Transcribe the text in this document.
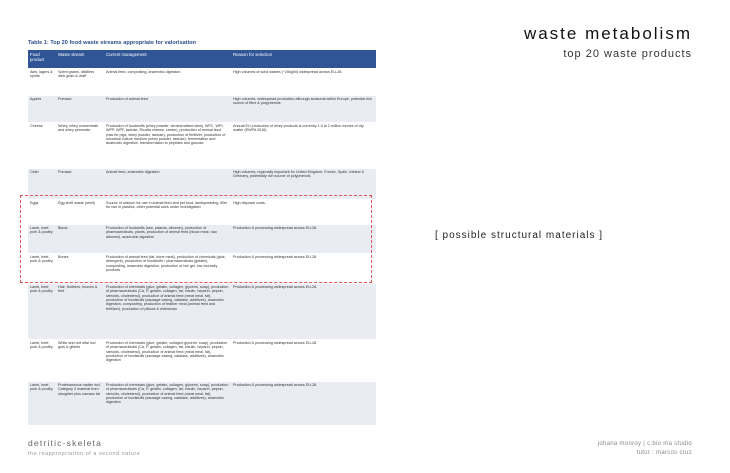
Table 1: Top 20 food waste streams appropriate for valorisation
Food product	Waste stream	Current management	Reason for selection
Ales, lagers & spirits	Spent grains, distillers dark grain & draff	Animal feed, composting, anaerobic digestion	High volumes of solid wastes (~20kg/hl) widespread across EU-28.
Apples	Pomace	Production of animal feed	High volumes, widespread production although seasonal within Europe, potential rich source of fibre & polyphenols
Cheese	Whey, whey concentrate and whey permeate	Production of foodstuffs (whey powder, demineralised whey, WPC, WPI, WPP, WPF, lactose, Ricotta cheese, cream), production of animal feed (raw for pigs, whey powder, lactose), production of fertilizer, production of microbial culture medium (whey powder, lactose), fermentation and anaerobic digestion, transformation to peptides and glucose	Annual EU production of whey products is currently 1.5 to 2 million tonnes of dry matter (EWPA 2016)
Cider	Pomace	Animal feed, anaerobic digestion	High volumes, regionally important for United Kingdom, France, Spain, Ireland & Germany, potentially rich source of polyphenols
Eggs	Egg shell waste (shell)	Source of calcium for use in animal feed and pet food, landspreading, filler for use in plastics, other potential uses under investigation	High disposal costs.
Lamb, beef, pork & poultry	Blood	Production of foodstuffs (raw, plasma, albumin), production of pharmaceuticals, plants, production of animal feed (blood meal, raw, albumin), anaerobic digestion	Production & processing widespread across EU-28.
Lamb, beef, pork & poultry	Bones	Production of animal feed (fat, bone meal), production of chemicals (glue, detergent), production of foodstuffs / pharmaceuticals (gelatin), composting, anaerobic digestion, production of low gel, low viscosity products	Production & processing widespread across EU-28.
Lamb, beef, pork & poultry	Hair, feathers, hooves & feet	Production of chemicals (glue, gelatin, collagen, glycerin, soap), production of pharmaceuticals (Ca, P, gelatin, collagen, fat, insulin, heparin, pepsin, steroids, cholesterol), production of animal feed (meat meal, fat), production of foodstuffs (sausage casing, catalase, additives), anaerobic digestion, composting, production of feather meal (animal feed and fertilizer), production of pillows & eiderdown	Production & processing widespread across EU-28.
Lamb, beef, pork & poultry	White and red offal incl guts & giblets	Production of chemicals (glue, gelatin, collagen,glycerin, soap), production of pharmaceuticals (Ca, P, gelatin, collagen, fat, insulin, heparin, pepsin, steroids, cholesterol), production of animal feed (meat meal, fat), production of foodstuffs (sausage casing, catalase, additives), anaerobic digestion	Production & processing widespread across EU-28.
Lamb, beef, pork & poultry	Proteinaceous matter incl. Category 3 material from slaughter plus carcass fat	Production of chemicals (glue, gelatin, collagen, glycerin, soap), production of pharmaceuticals (Ca, P, gelatin, collagen, fat, insulin, heparin, pepsin, steroids, cholesterol), production of animal feed (meat meal, fat), production of foodstuffs (sausage casing, catalase, additives), anaerobic digestion	Production & processing widespread across EU-28.
waste metabolism
top 20 waste products
[ possible structural materials ]
detritic-skeleta
the reappropriation of a second nature
johana monroy | c:bio ma studio
tutor : marcos cruz
